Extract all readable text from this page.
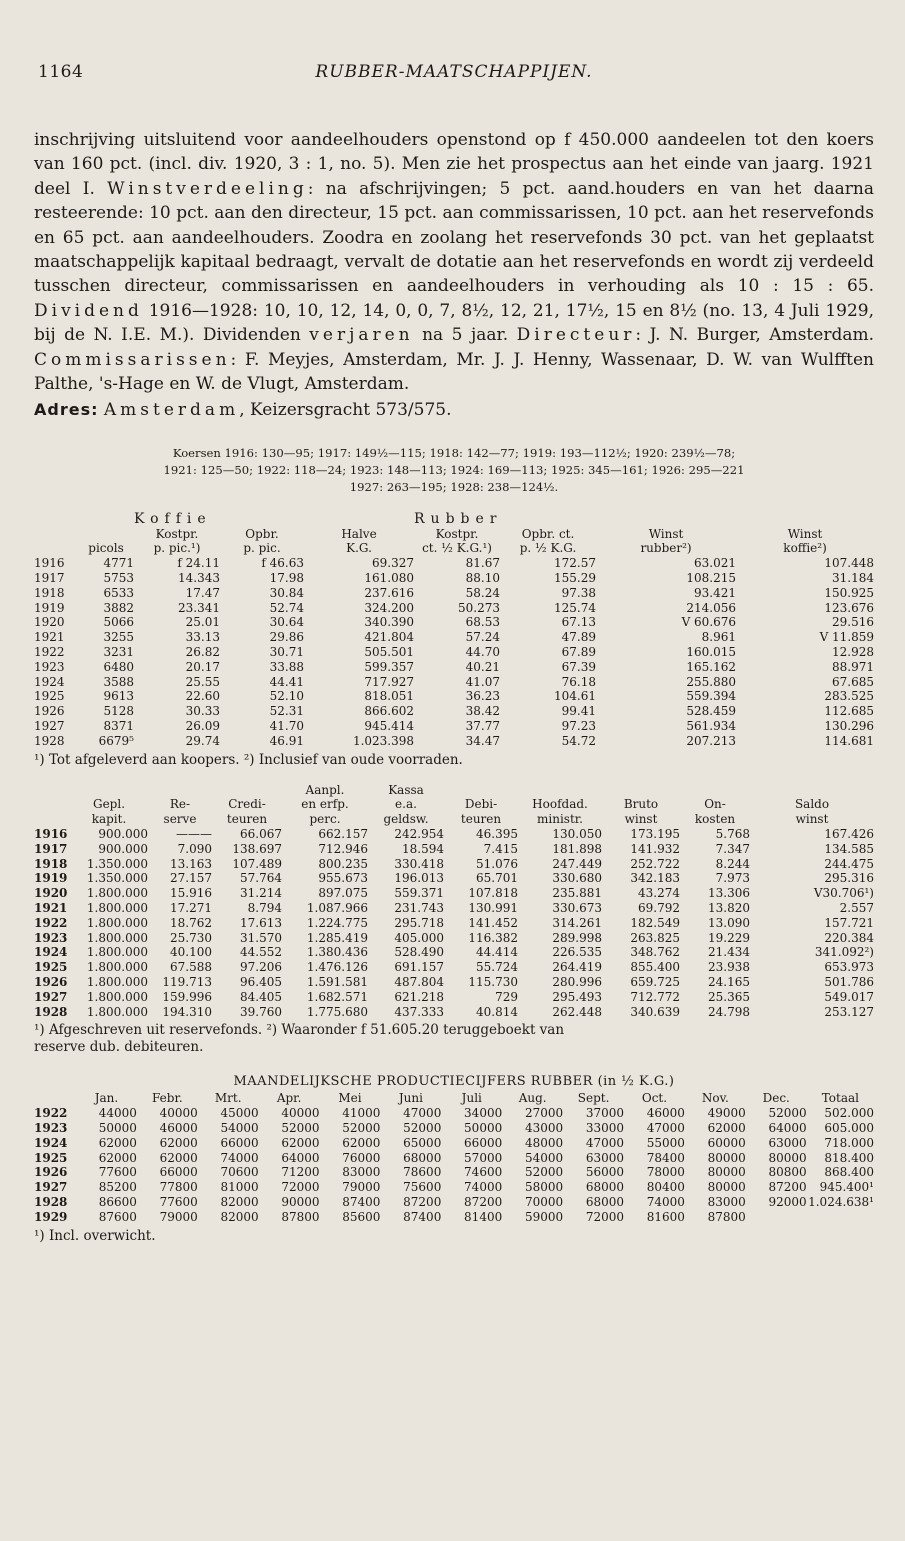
1164	RUBBER-MAATSCHAPPIJEN.

inschrijving uitsluitend voor aandeelhouders openstond op f 450.000 aandeelen tot den koers van 160 pct. (incl. div. 1920, 3 : 1, no. 5). Men zie het prospectus aan het einde van jaarg. 1921 deel I. Winstverdeeling: na afschrijvingen; 5 pct. aand.houders en van het daarna resteerende: 10 pct. aan den directeur, 15 pct. aan commissarissen, 10 pct. aan het reservefonds en 65 pct. aan aandeelhouders. Zoodra en zoolang het reservefonds 30 pct. van het geplaatst maatschappelijk kapitaal bedraagt, vervalt de dotatie aan het reservefonds en wordt zij verdeeld tusschen directeur, commissarissen en aandeelhouders in verhouding als 10 : 15 : 65. Dividend 1916—1928: 10, 10, 12, 14, 0, 0, 7, 8½, 12, 21, 17½, 15 en 8½ (no. 13, 4 Juli 1929, bij de N. I.E. M.). Dividenden verjaren na 5 jaar. Directeur: J. N. Burger, Amsterdam. Commissarissen: F. Meyjes, Amsterdam, Mr. J. J. Henny, Wassenaar, D. W. van Wulfften Palthe, 's-Hage en W. de Vlugt, Amsterdam.

Adres: Amsterdam, Keizersgracht 573/575.
Koersen 1916: 130—95; 1917: 149½—115; 1918: 142—77; 1919: 193—112½; 1920: 239½—78;
1921: 125—50; 1922: 118—24; 1923: 148—113; 1924: 169—113; 1925: 345—161; 1926: 295—221
1927: 263—195; 1928: 238—124½.
		Koffie			Rubber			
		Kostpr.	Opbr.	Halve	Kostpr.	Opbr. ct.	Winst	Winst
	picols	p. pic.¹)	p. pic.	K.G.	ct. ½ K.G.¹)	p. ½ K.G.	rubber²)	koffie²)
1916	4771	f 24.11	f 46.63	69.327	81.67	172.57	63.021	107.448
1917	5753	14.343	17.98	161.080	88.10	155.29	108.215	31.184
1918	6533	17.47	30.84	237.616	58.24	97.38	93.421	150.925
1919	3882	23.341	52.74	324.200	50.273	125.74	214.056	123.676
1920	5066	25.01	30.64	340.390	68.53	67.13	V 60.676	29.516
1921	3255	33.13	29.86	421.804	57.24	47.89	8.961	V 11.859
1922	3231	26.82	30.71	505.501	44.70	67.89	160.015	12.928
1923	6480	20.17	33.88	599.357	40.21	67.39	165.162	88.971
1924	3588	25.55	44.41	717.927	41.07	76.18	255.880	67.685
1925	9613	22.60	52.10	818.051	36.23	104.61	559.394	283.525
1926	5128	30.33	52.31	866.602	38.42	99.41	528.459	112.685
1927	8371	26.09	41.70	945.414	37.77	97.23	561.934	130.296
1928	6679⁵	29.74	46.91	1.023.398	34.47	54.72	207.213	114.681

¹) Tot afgeleverd aan koopers. ²) Inclusief van oude voorraden.

				Aanpl.	Kassa					
	Gepl.	Re-	Credi-	en erfp.	e.a.	Debi-	Hoofdad.	Bruto	On-	Saldo
	kapit.	serve	teuren	perc.	geldsw.	teuren	ministr.	winst	kosten	winst
1916	900.000	———	66.067	662.157	242.954	46.395	130.050	173.195	5.768	167.426
1917	900.000	7.090	138.697	712.946	18.594	7.415	181.898	141.932	7.347	134.585
1918	1.350.000	13.163	107.489	800.235	330.418	51.076	247.449	252.722	8.244	244.475
1919	1.350.000	27.157	57.764	955.673	196.013	65.701	330.680	342.183	7.973	295.316
1920	1.800.000	15.916	31.214	897.075	559.371	107.818	235.881	43.274	13.306	V30.706¹)
1921	1.800.000	17.271	8.794	1.087.966	231.743	130.991	330.673	69.792	13.820	2.557
1922	1.800.000	18.762	17.613	1.224.775	295.718	141.452	314.261	182.549	13.090	157.721
1923	1.800.000	25.730	31.570	1.285.419	405.000	116.382	289.998	263.825	19.229	220.384
1924	1.800.000	40.100	44.552	1.380.436	528.490	44.414	226.535	348.762	21.434	341.092²)
1925	1.800.000	67.588	97.206	1.476.126	691.157	55.724	264.419	855.400	23.938	653.973
1926	1.800.000	119.713	96.405	1.591.581	487.804	115.730	280.996	659.725	24.165	501.786
1927	1.800.000	159.996	84.405	1.682.571	621.218	729	295.493	712.772	25.365	549.017
1928	1.800.000	194.310	39.760	1.775.680	437.333	40.814	262.448	340.639	24.798	253.127

¹) Afgeschreven uit reservefonds. ²) Waaronder f 51.605.20 teruggeboekt van

reserve dub. debiteuren.

MAANDELIJKSCHE PRODUCTIECIJFERS RUBBER (in ½ K.G.)
	Jan.	Febr.	Mrt.	Apr.	Mei	Juni	Juli	Aug.	Sept.	Oct.	Nov.	Dec.	Totaal
1922	44000	40000	45000	40000	41000	47000	34000	27000	37000	46000	49000	52000	502.000
1923	50000	46000	54000	52000	52000	52000	50000	43000	33000	47000	62000	64000	605.000
1924	62000	62000	66000	62000	62000	65000	66000	48000	47000	55000	60000	63000	718.000
1925	62000	62000	74000	64000	76000	68000	57000	54000	63000	78400	80000	80000	818.400
1926	77600	66000	70600	71200	83000	78600	74600	52000	56000	78000	80000	80800	868.400
1927	85200	77800	81000	72000	79000	75600	74000	58000	68000	80400	80000	87200	945.400¹
1928	86600	77600	82000	90000	87400	87200	87200	70000	68000	74000	83000	92000	1.024.638¹
1929	87600	79000	82000	87800	85600	87400	81400	59000	72000	81600	87800		

¹) Incl. overwicht.
